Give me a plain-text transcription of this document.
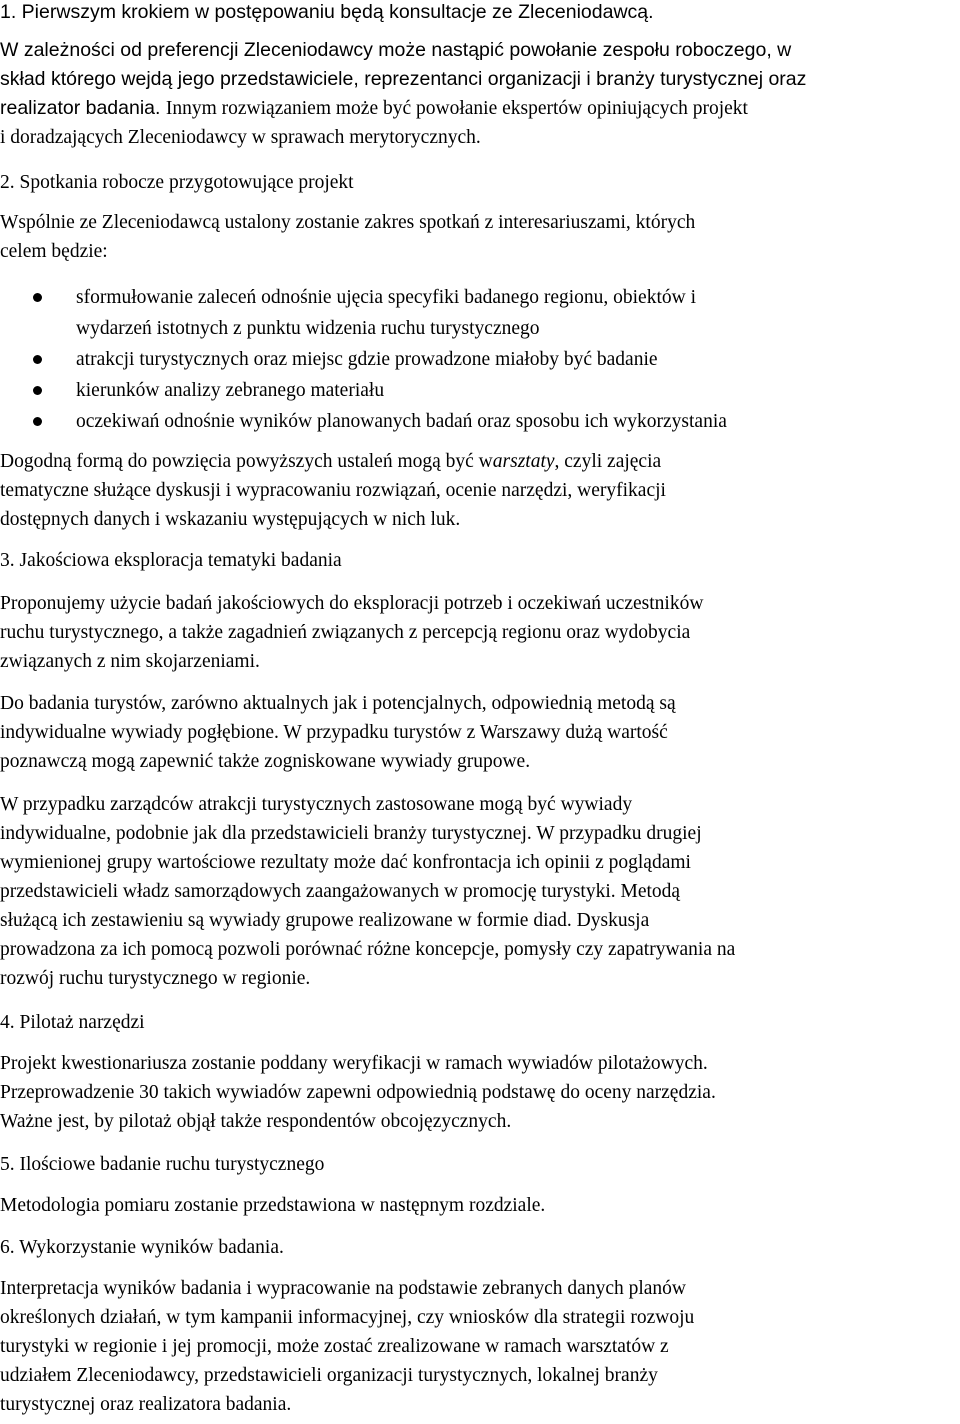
1. Pierwszym krokiem w postępowaniu będą konsultacje ze Zleceniodawcą.
W zależności od preferencji Zleceniodawcy może nastąpić powołanie zespołu roboczego, w
skład którego wejdą jego przedstawiciele, reprezentanci organizacji i branży turystycznej oraz
realizator badania. Innym rozwiązaniem może być powołanie ekspertów opiniujących projekt
i doradzających Zleceniodawcy w sprawach merytorycznych.
2. Spotkania robocze przygotowujące projekt
Wspólnie ze Zleceniodawcą ustalony zostanie zakres spotkań z interesariuszami, których
celem będzie:
sformułowanie zaleceń odnośnie ujęcia specyfiki badanego regionu, obiektów i
wydarzeń istotnych z punktu widzenia ruchu turystycznego
atrakcji turystycznych oraz miejsc gdzie prowadzone miałoby być badanie
kierunków analizy zebranego materiału
oczekiwań odnośnie wyników planowanych badań oraz sposobu ich wykorzystania
Dogodną formą do powzięcia powyższych ustaleń mogą być warsztaty, czyli zajęcia
tematyczne służące dyskusji i wypracowaniu rozwiązań, ocenie narzędzi, weryfikacji
dostępnych danych i wskazaniu występujących w nich luk.
3. Jakościowa eksploracja tematyki badania
Proponujemy użycie badań jakościowych do eksploracji potrzeb i oczekiwań uczestników
ruchu turystycznego, a także zagadnień związanych z percepcją regionu oraz wydobycia
związanych z nim skojarzeniami.
Do badania turystów, zarówno aktualnych jak i potencjalnych, odpowiednią metodą są
indywidualne wywiady pogłębione. W przypadku turystów z Warszawy dużą wartość
poznawczą mogą zapewnić także zogniskowane wywiady grupowe.
W przypadku zarządców atrakcji turystycznych zastosowane mogą być wywiady
indywidualne, podobnie jak dla przedstawicieli branży turystycznej. W przypadku drugiej
wymienionej grupy wartościowe rezultaty może dać konfrontacja ich opinii z poglądami
przedstawicieli władz samorządowych zaangażowanych w promocję turystyki. Metodą
służącą ich zestawieniu są wywiady grupowe realizowane w formie diad. Dyskusja
prowadzona za ich pomocą pozwoli porównać różne koncepcje, pomysły czy zapatrywania na
rozwój ruchu turystycznego w regionie.
4. Pilotaż narzędzi
Projekt kwestionariusza zostanie poddany weryfikacji w ramach wywiadów pilotażowych.
Przeprowadzenie 30 takich wywiadów zapewni odpowiednią podstawę do oceny narzędzia.
Ważne jest, by pilotaż objął także respondentów obcojęzycznych.
5. Ilościowe badanie ruchu turystycznego
Metodologia pomiaru zostanie przedstawiona w następnym rozdziale.
6. Wykorzystanie wyników badania.
Interpretacja wyników badania i wypracowanie na podstawie zebranych danych planów
określonych działań, w tym kampanii informacyjnej, czy wniosków dla strategii rozwoju
turystyki w regionie i jej promocji, może zostać zrealizowane w ramach warsztatów z
udziałem Zleceniodawcy, przedstawicieli organizacji turystycznych, lokalnej branży
turystycznej oraz realizatora badania.
